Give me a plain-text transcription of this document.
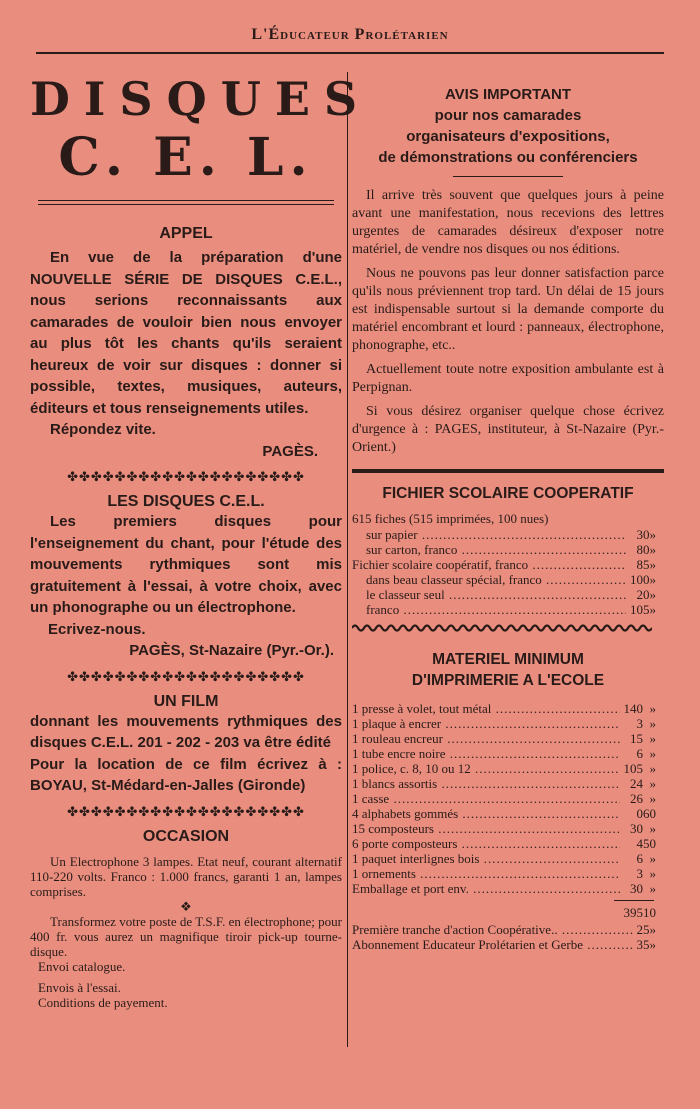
L'Éducateur Prolétarien
DISQUES
C. E. L.
APPEL
En vue de la préparation d'une NOUVELLE SÉRIE DE DISQUES C.E.L., nous serions reconnaissants aux camarades de vouloir bien nous envoyer au plus tôt les chants qu'ils seraient heureux de voir sur disques : donner si possible, textes, musiques, auteurs, éditeurs et tous renseignements utiles.
Répondez vite.
PAGÈS.
✤✤✤✤✤✤✤✤✤✤✤✤✤✤✤✤✤✤✤✤
LES DISQUES C.E.L.
Les premiers disques pour l'enseignement du chant, pour l'étude des mouvements rythmiques sont mis gratuitement à l'essai, à votre choix, avec un phonographe ou un électrophone.
Ecrivez-nous.
PAGÈS, St-Nazaire (Pyr.-Or.).
✤✤✤✤✤✤✤✤✤✤✤✤✤✤✤✤✤✤✤✤
UN FILM
donnant les mouvements rythmiques des disques C.E.L. 201 - 202 - 203 va être édité
Pour la location de ce film écrivez à : BOYAU, St-Médard-en-Jalles (Gironde)
✤✤✤✤✤✤✤✤✤✤✤✤✤✤✤✤✤✤✤✤
OCCASION

Un Electrophone 3 lampes. Etat neuf, courant alternatif 110-220 volts. Franco : 1.000 francs, garanti 1 an, lampes comprises.

❖

Transformez votre poste de T.S.F. en électrophone; pour 400 fr. vous aurez un magnifique tiroir pick-up tourne-disque.

Envoi catalogue.

Envois à l'essai.

Conditions de payement.

AVIS IMPORTANT
pour nos camarades
organisateurs d'expositions,
de démonstrations ou conférenciers

Il arrive très souvent que quelques jours à peine avant une manifestation, nous recevions des lettres urgentes de camarades désireux d'exposer notre matériel, de vendre nos disques ou nos éditions.

Nous ne pouvons pas leur donner satisfaction parce qu'ils nous préviennent trop tard. Un délai de 15 jours est indispensable surtout si la demande comporte du matériel encombrant et lourd : panneaux, électrophone, phonographe, etc..

Actuellement toute notre exposition ambulante est à Perpignan.

Si vous désirez organiser quelque chose écrivez d'urgence à : PAGES, instituteur, à St-Nazaire (Pyr.-Orient.)

FICHIER SCOLAIRE COOPERATIF
615 fiches (515 imprimées, 100 nues)
sur papier .....	30	»
sur carton, franco .....	80	»
Fichier scolaire coopératif, franco .....	85	»
dans beau classeur spécial, franco .....	100	»
le classeur seul .....	20	»
franco .....	105	»
MATERIEL MINIMUM
D'IMPRIMERIE A L'ECOLE
1 presse à volet, tout métal .....	140	»
1 plaque à encrer .....	3	»
1 rouleau encreur .....	15	»
1 tube encre noire .....	6	»
1 police, c. 8, 10 ou 12 .....	105	»
1 blancs assortis .....	24	»
1 casse .....	26	»
4 alphabets gommés .....	0	60
15 composteurs .....	30	»
6 porte composteurs .....	4	50
1 paquet interlignes bois .....	6	»
1 ornements .....	3	»
Emballage et port env. .....	30	»
	395	10
Première tranche d'action Coopérative.. .....	25	»
Abonnement Educateur Prolétarien et Gerbe .....	35	»
